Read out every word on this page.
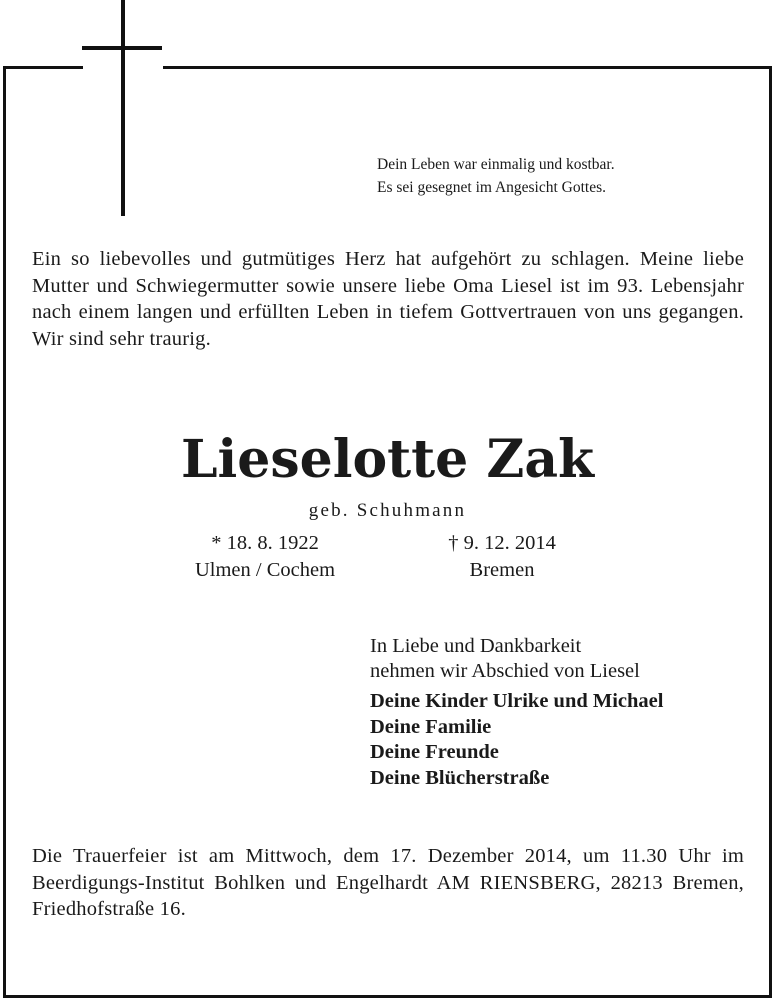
Dein Leben war einmalig und kostbar.
Es sei gesegnet im Angesicht Gottes.
Ein so liebevolles und gutmütiges Herz hat aufgehört zu schlagen. Meine liebe Mutter und Schwiegermutter sowie unsere liebe Oma Liesel ist im 93. Lebensjahr nach einem langen und erfüllten Leben in tiefem Gottvertrauen von uns gegangen. Wir sind sehr traurig.
Lieselotte Zak
geb. Schuhmann
* 18. 8. 1922
Ulmen / Cochem
† 9. 12. 2014
Bremen
In Liebe und Dankbarkeit
nehmen wir Abschied von Liesel
Deine Kinder Ulrike und Michael
Deine Familie
Deine Freunde
Deine Blücherstraße
Die Trauerfeier ist am Mittwoch, dem 17. Dezember 2014, um 11.30 Uhr im Beerdigungs-Institut Bohlken und Engelhardt AM RIENSBERG, 28213 Bremen, Friedhofstraße 16.
